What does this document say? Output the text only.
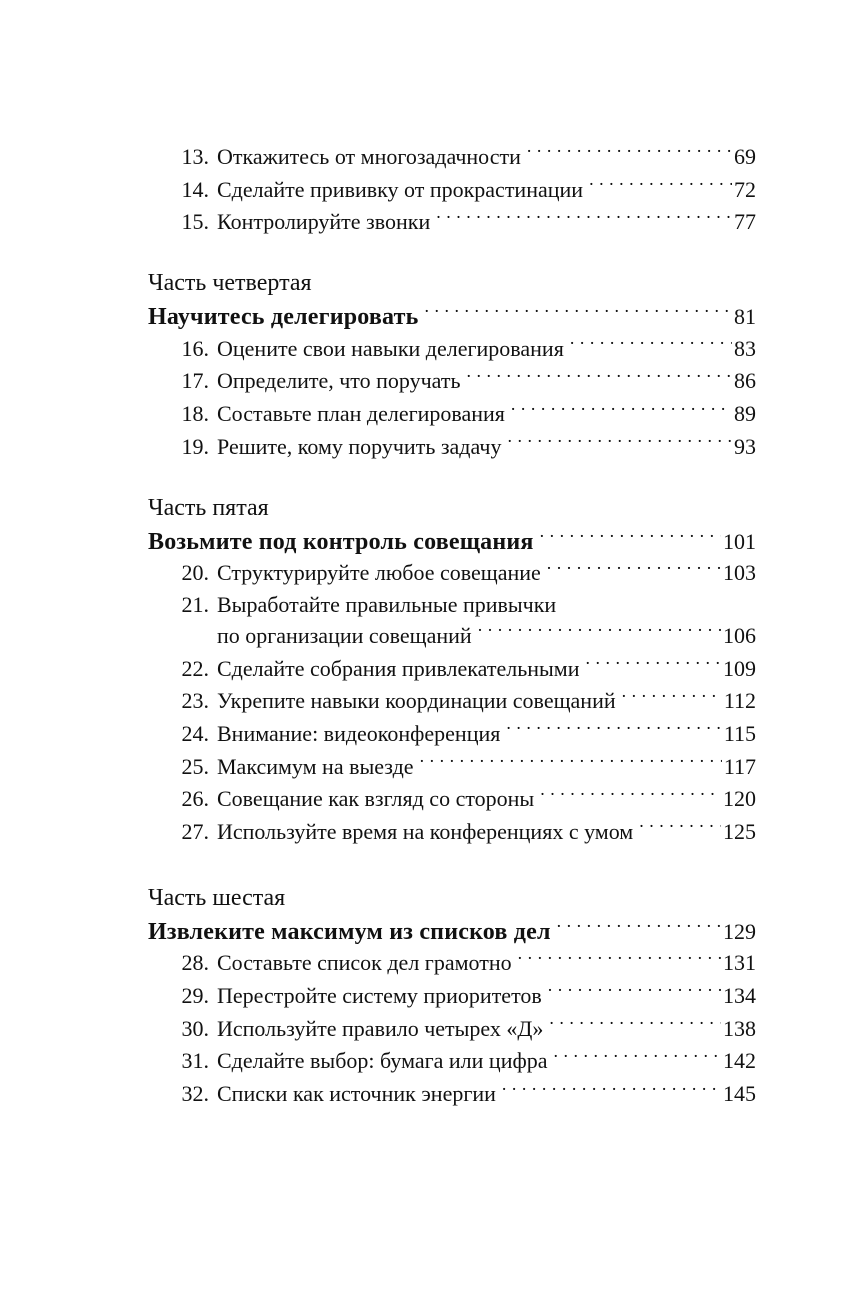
13. Откажитесь от многозадачности . . .	69
14. Сделайте прививку от прокрастинации . . .	72
15. Контролируйте звонки . . .	77
Часть четвертая
Научитесь делегировать . . .	81
16. Оцените свои навыки делегирования . . .	83
17. Определите, что поручать . . .	86
18. Составьте план делегирования . . .	89
19. Решите, кому поручить задачу . . .	93
Часть пятая
Возьмите под контроль совещания . . .	101
20. Структурируйте любое совещание . . .	103
21. Выработайте правильные привычки
по организации совещаний . . .	106
22. Сделайте собрания привлекательными . . .	109
23. Укрепите навыки координации совещаний . . .	112
24. Внимание: видеоконференция . . .	115
25. Максимум на выезде . . .	117
26. Совещание как взгляд со стороны . . .	120
27. Используйте время на конференциях с умом . . .	125
Часть шестая
Извлеките максимум из списков дел . . .	129
28. Составьте список дел грамотно . . .	131
29. Перестройте систему приоритетов . . .	134
30. Используйте правило четырех «Д» . . .	138
31. Сделайте выбор: бумага или цифра . . .	142
32. Списки как источник энергии . . .	145
